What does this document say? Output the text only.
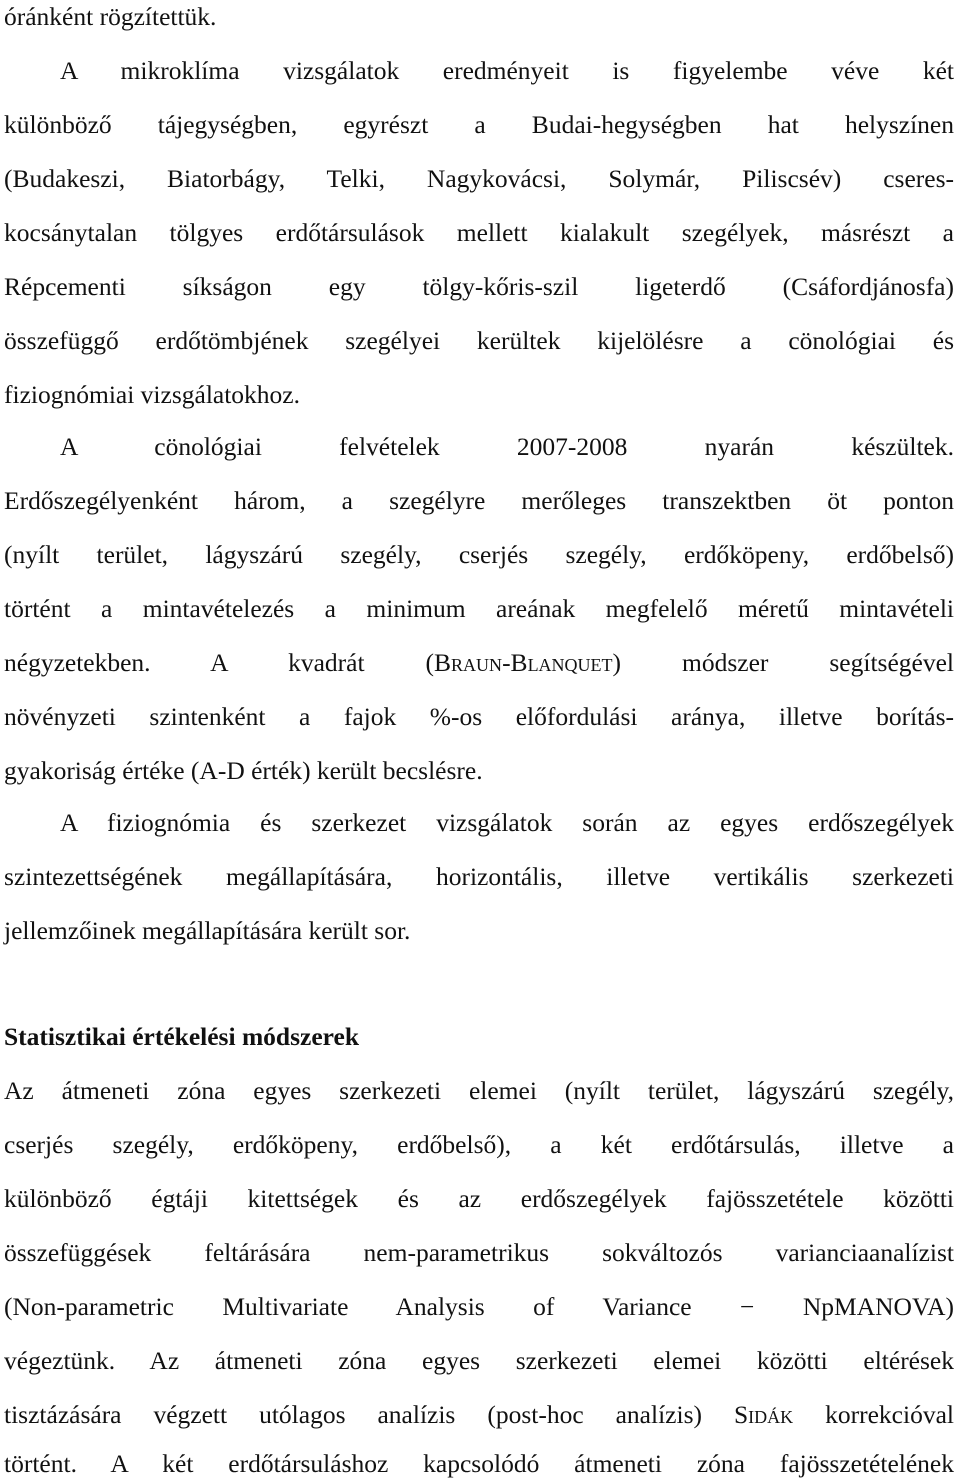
óránként rögzítettük.
A mikroklíma vizsgálatok eredményeit is figyelembe véve két
különböző tájegységben, egyrészt a Budai-hegységben hat helyszínen
(Budakeszi, Biatorbágy, Telki, Nagykovácsi, Solymár, Piliscsév) cseres-
kocsánytalan tölgyes erdőtársulások mellett kialakult szegélyek, másrészt a
Répcementi síkságon egy tölgy-kőris-szil ligeterdő (Csáfordjánosfa)
összefüggő erdőtömbjének szegélyei kerültek kijelölésre a cönológiai és
fiziognómiai vizsgálatokhoz.
A cönológiai felvételek 2007-2008 nyarán készültek.
Erdőszegélyenként három, a szegélyre merőleges transzektben öt ponton
(nyílt terület, lágyszárú szegély, cserjés szegély, erdőköpeny, erdőbelső)
történt a mintavételezés a minimum areának megfelelő méretű mintavételi
négyzetekben. A kvadrát (Braun-Blanquet) módszer segítségével
növényzeti szintenként a fajok %-os előfordulási aránya, illetve borítás-
gyakoriság értéke (A-D érték) került becslésre.
A fiziognómia és szerkezet vizsgálatok során az egyes erdőszegélyek
szintezettségének megállapítására, horizontális, illetve vertikális szerkezeti
jellemzőinek megállapítására került sor.
Statisztikai értékelési módszerek
Az átmeneti zóna egyes szerkezeti elemei (nyílt terület, lágyszárú szegély,
cserjés szegély, erdőköpeny, erdőbelső), a két erdőtársulás, illetve a
különböző égtáji kitettségek és az erdőszegélyek fajösszetétele közötti
összefüggések feltárására nem-parametrikus sokváltozós varianciaanalízist
(Non-parametric Multivariate Analysis of Variance − NpMANOVA)
végeztünk. Az átmeneti zóna egyes szerkezeti elemei közötti eltérések
tisztázására végzett utólagos analízis (post-hoc analízis) Sidák korrekcióval
történt. A két erdőtársuláshoz kapcsolódó átmeneti zóna fajösszetételének
